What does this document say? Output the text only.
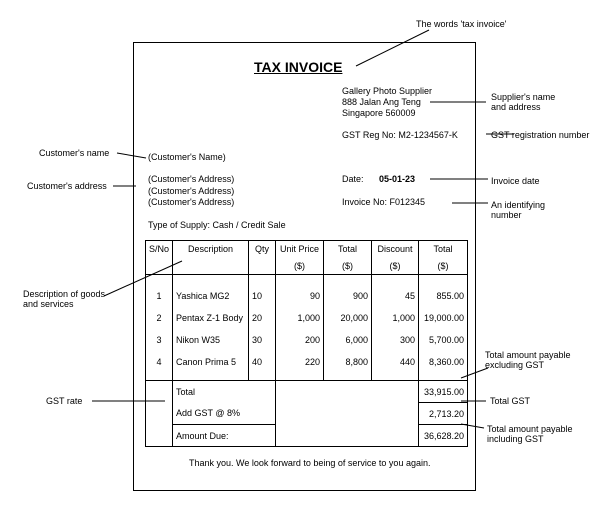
TAX INVOICE
Gallery Photo Supplier
888 Jalan Ang Teng
Singapore 560009
GST Reg No: M2-1234567-K
(Customer's Name)
(Customer's Address)
(Customer's Address)
(Customer's Address)
Date: 05-01-23
Invoice No: F012345
Type of Supply: Cash / Credit Sale
S/No	Description	Qty	Unit Price	Total	Discount	Total
			($)	($)	($)	($)

1	Yashica MG2	10	90	900	45	855.00
2	Pentax Z-1 Body	20	1,000	20,000	1,000	19,000.00
3	Nikon W35	30	200	6,000	300	5,700.00
4	Canon Prima 5	40	220	8,800	440	8,360.00

	Total					33,915.00
	Add GST @ 8%					2,713.20
	Amount Due:					36,628.20
Thank you. We look forward to being of service to you again.
The words 'tax invoice'
Supplier's name
and address
GST registration number
Customer's name
Customer's address	Invoice date
An identifying
number
Description of goods
and services
Total amount payable
excluding GST
Total GST
GST rate
Total amount payable
including GST
